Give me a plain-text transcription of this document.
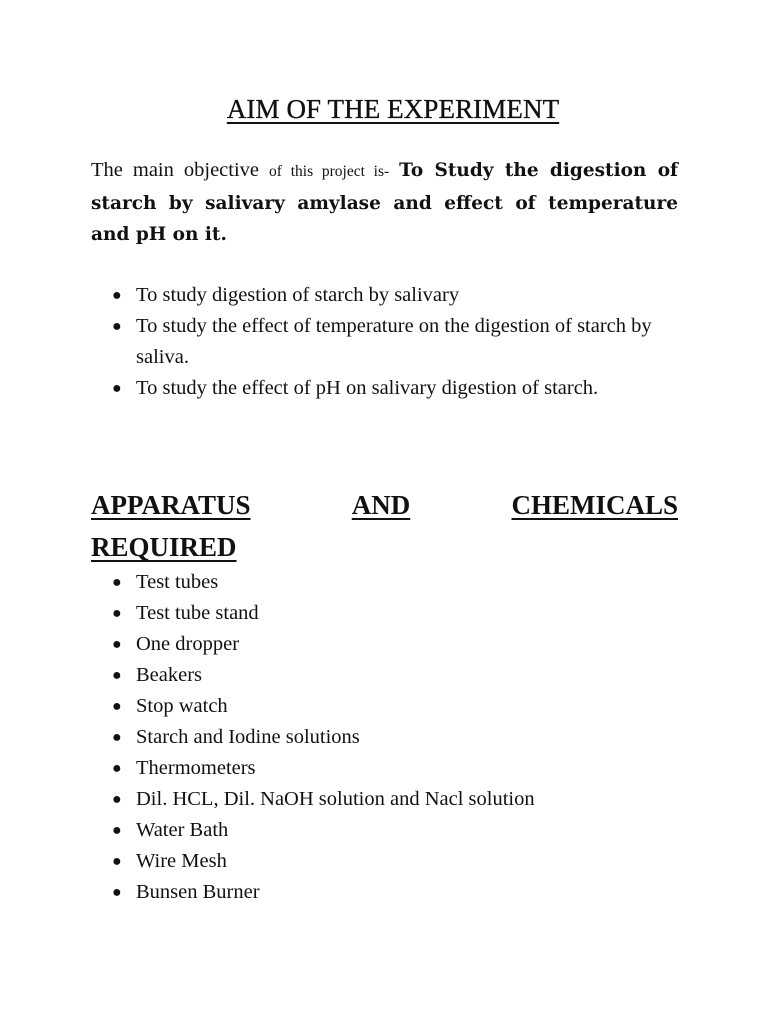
AIM OF THE EXPERIMENT

The main objective of this project is- To Study the digestion of starch by salivary amylase and effect of temperature and pH on it.

● To study digestion of starch by salivary
● To study the effect of temperature on the digestion of starch by saliva.
● To study the effect of pH on salivary digestion of starch.
APPARATUS	AND	CHEMICALS
REQUIRED
● Test tubes
● Test tube stand
● One dropper
● Beakers
● Stop watch
● Starch and Iodine solutions
● Thermometers
● Dil. HCL, Dil. NaOH solution and Nacl solution
● Water Bath
● Wire Mesh
● Bunsen Burner
